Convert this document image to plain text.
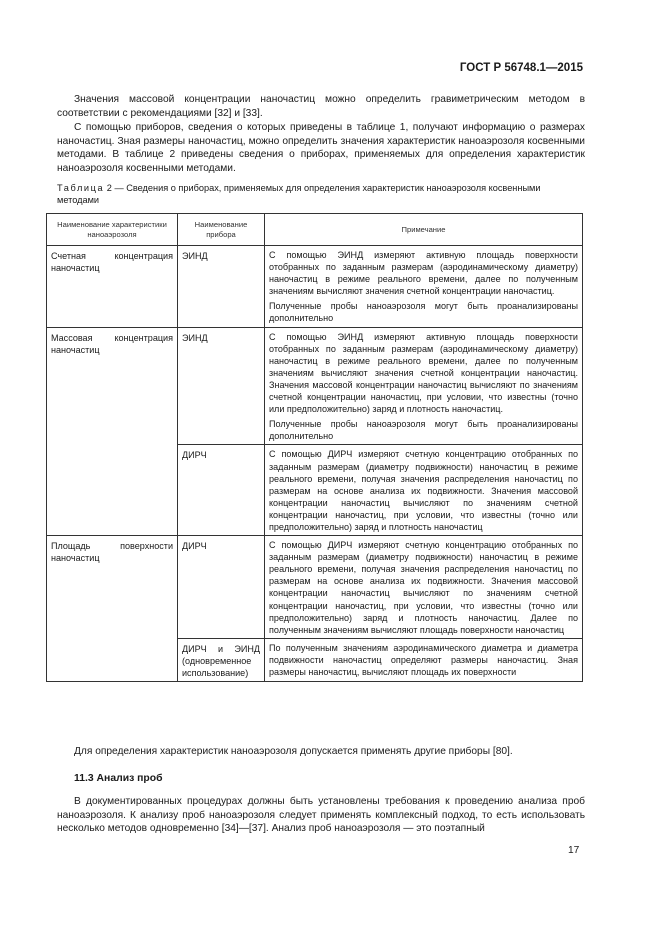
ГОСТ Р 56748.1—2015
Значения массовой концентрации наночастиц можно определить гравиметрическим методом в соответствии с рекомендациями [32] и [33].
С помощью приборов, сведения о которых приведены в таблице 1, получают информацию о размерах наночастиц. Зная размеры наночастиц, можно определить значения характеристик наноаэрозоля косвенными методами. В таблице 2 приведены сведения о приборах, применяемых для определения характеристик наноаэрозоля косвенными методами.
Таблица 2 — Сведения о приборах, применяемых для определения характеристик наноаэрозоля косвенными методами
Наименование характеристики наноаэрозоля	Наименование прибора	Примечание
Счетная концентрация наночастиц	ЭИНД	С помощью ЭИНД измеряют активную площадь поверхности отобранных по заданным размерам (аэродинамическому диаметру) наночастиц в режиме реального времени, далее по полученным значениям вычисляют значения счетной концентрации наночастиц.

Полученные пробы наноаэрозоля могут быть проанализированы дополнительно

Массовая концентрация наночастиц	ЭИНД	С помощью ЭИНД измеряют активную площадь поверхности отобранных по заданным размерам (аэродинамическому диаметру) наночастиц в режиме реального времени, далее по полученным значениям вычисляют значения счетной концентрации наночастиц. Значения массовой концентрации наночастиц вычисляют по значениям счетной концентрации наночастиц, при условии, что известны (точно или предположительно) заряд и плотность наночастиц.

Полученные пробы наноаэрозоля могут быть проанализированы дополнительно

	ДИРЧ	С помощью ДИРЧ измеряют счетную концентрацию отобранных по заданным размерам (диаметру подвижности) наночастиц в режиме реального времени, получая значения распределения наночастиц по размерам на основе анализа их подвижности. Значения массовой концентрации наночастиц вычисляют по значениям счетной концентрации наночастиц, при условии, что известны (точно или предположительно) заряд и плотность наночастиц

Площадь поверхности наночастиц	ДИРЧ	С помощью ДИРЧ измеряют счетную концентрацию отобранных по заданным размерам (диаметру подвижности) наночастиц в режиме реального времени, получая значения распределения наночастиц по размерам на основе анализа их подвижности. Значения массовой концентрации наночастиц вычисляют по значениям счетной концентрации наночастиц, при условии, что известны (точно или предположительно) заряд и плотность наночастиц. Далее по полученным значениям вычисляют площадь поверхности наночастиц

	ДИРЧ и ЭИНД (одновременное использование)	По полученным значениям аэродинамического диаметра и диаметра подвижности наночастиц определяют размеры наночастиц. Зная размеры наночастиц, вычисляют площадь их поверхности

Для определения характеристик наноаэрозоля допускается применять другие приборы [80].
11.3 Анализ проб
В документированных процедурах должны быть установлены требования к проведению анализа проб наноаэрозоля. К анализу проб наноаэрозоля следует применять комплексный подход, то есть использовать несколько методов одновременно [34]—[37]. Анализ проб наноаэрозоля — это поэтапный
17
